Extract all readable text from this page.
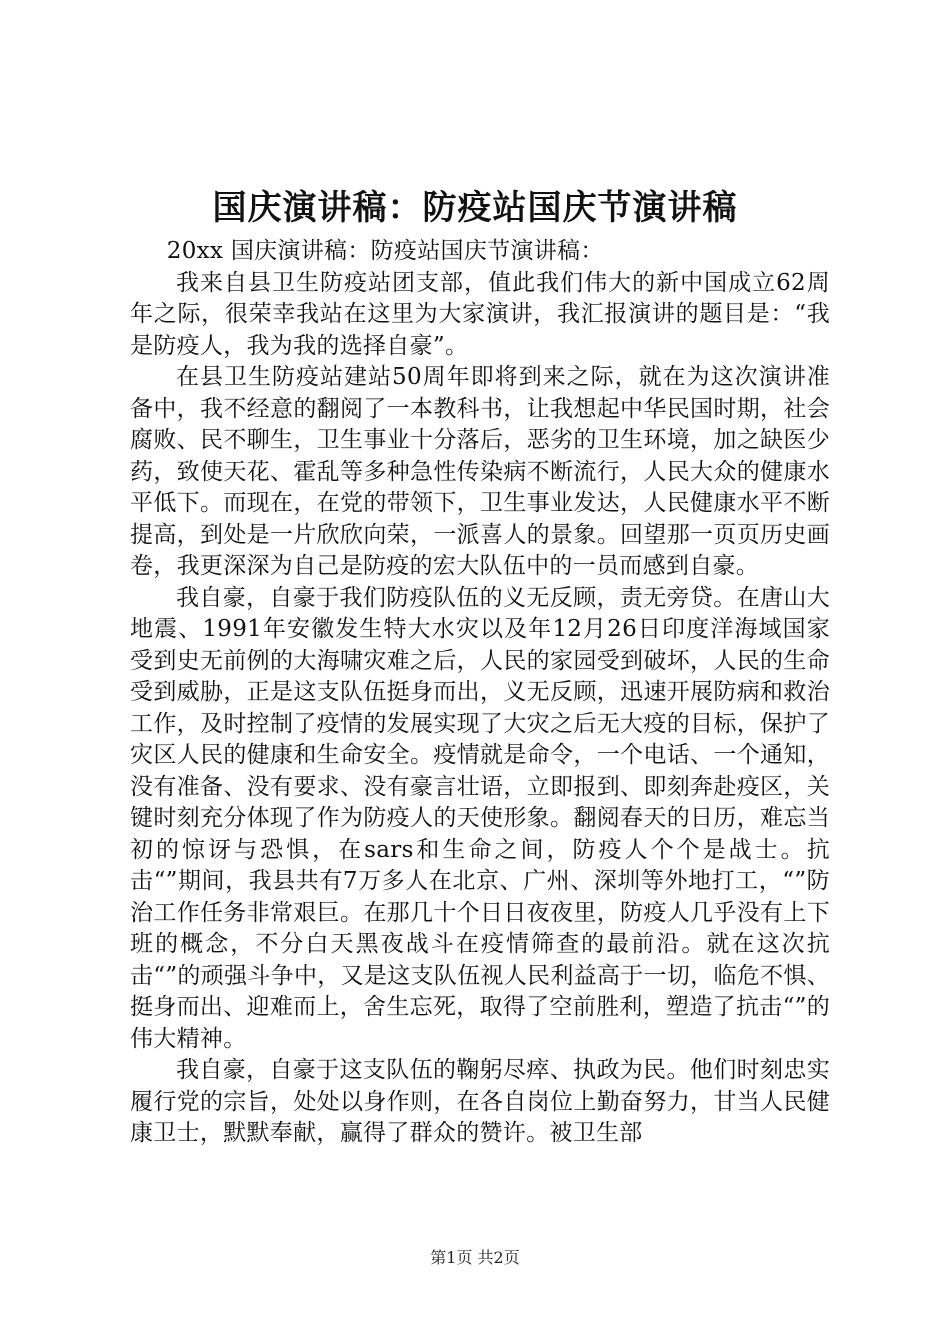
国庆演讲稿：防疫站国庆节演讲稿

20xx 国庆演讲稿：防疫站国庆节演讲稿：

我来自县卫生防疫站团支部，值此我们伟大的新中国成立62周年之际，很荣幸我站在这里为大家演讲，我汇报演讲的题目是：“我是防疫人，我为我的选择自豪”。

在县卫生防疫站建站50周年即将到来之际，就在为这次演讲准备中，我不经意的翻阅了一本教科书，让我想起中华民国时期，社会腐败、民不聊生，卫生事业十分落后，恶劣的卫生环境，加之缺医少药，致使天花、霍乱等多种急性传染病不断流行，人民大众的健康水平低下。而现在，在党的带领下，卫生事业发达，人民健康水平不断提高，到处是一片欣欣向荣，一派喜人的景象。回望那一页页历史画卷，我更深深为自己是防疫的宏大队伍中的一员而感到自豪。

我自豪，自豪于我们防疫队伍的义无反顾，责无旁贷。在唐山大地震、1991年安徽发生特大水灾以及年12月26日印度洋海域国家受到史无前例的大海啸灾难之后，人民的家园受到破坏，人民的生命受到威胁，正是这支队伍挺身而出，义无反顾，迅速开展防病和救治工作，及时控制了疫情的发展实现了大灾之后无大疫的目标，保护了灾区人民的健康和生命安全。疫情就是命令，一个电话、一个通知，没有准备、没有要求、没有豪言壮语，立即报到、即刻奔赴疫区，关键时刻充分体现了作为防疫人的天使形象。翻阅春天的日历，难忘当初的惊讶与恐惧，在sars和生命之间，防疫人个个是战士。抗击“”期间，我县共有7万多人在北京、广州、深圳等外地打工，“”防治工作任务非常艰巨。在那几十个日日夜夜里，防疫人几乎没有上下班的概念，不分白天黑夜战斗在疫情筛查的最前沿。就在这次抗击“”的顽强斗争中，又是这支队伍视人民利益高于一切，临危不惧、挺身而出、迎难而上，舍生忘死，取得了空前胜利，塑造了抗击“”的伟大精神。

我自豪，自豪于这支队伍的鞠躬尽瘁、执政为民。他们时刻忠实履行党的宗旨，处处以身作则，在各自岗位上勤奋努力，甘当人民健康卫士，默默奉献，赢得了群众的赞许。被卫生部

第1页 共2页
